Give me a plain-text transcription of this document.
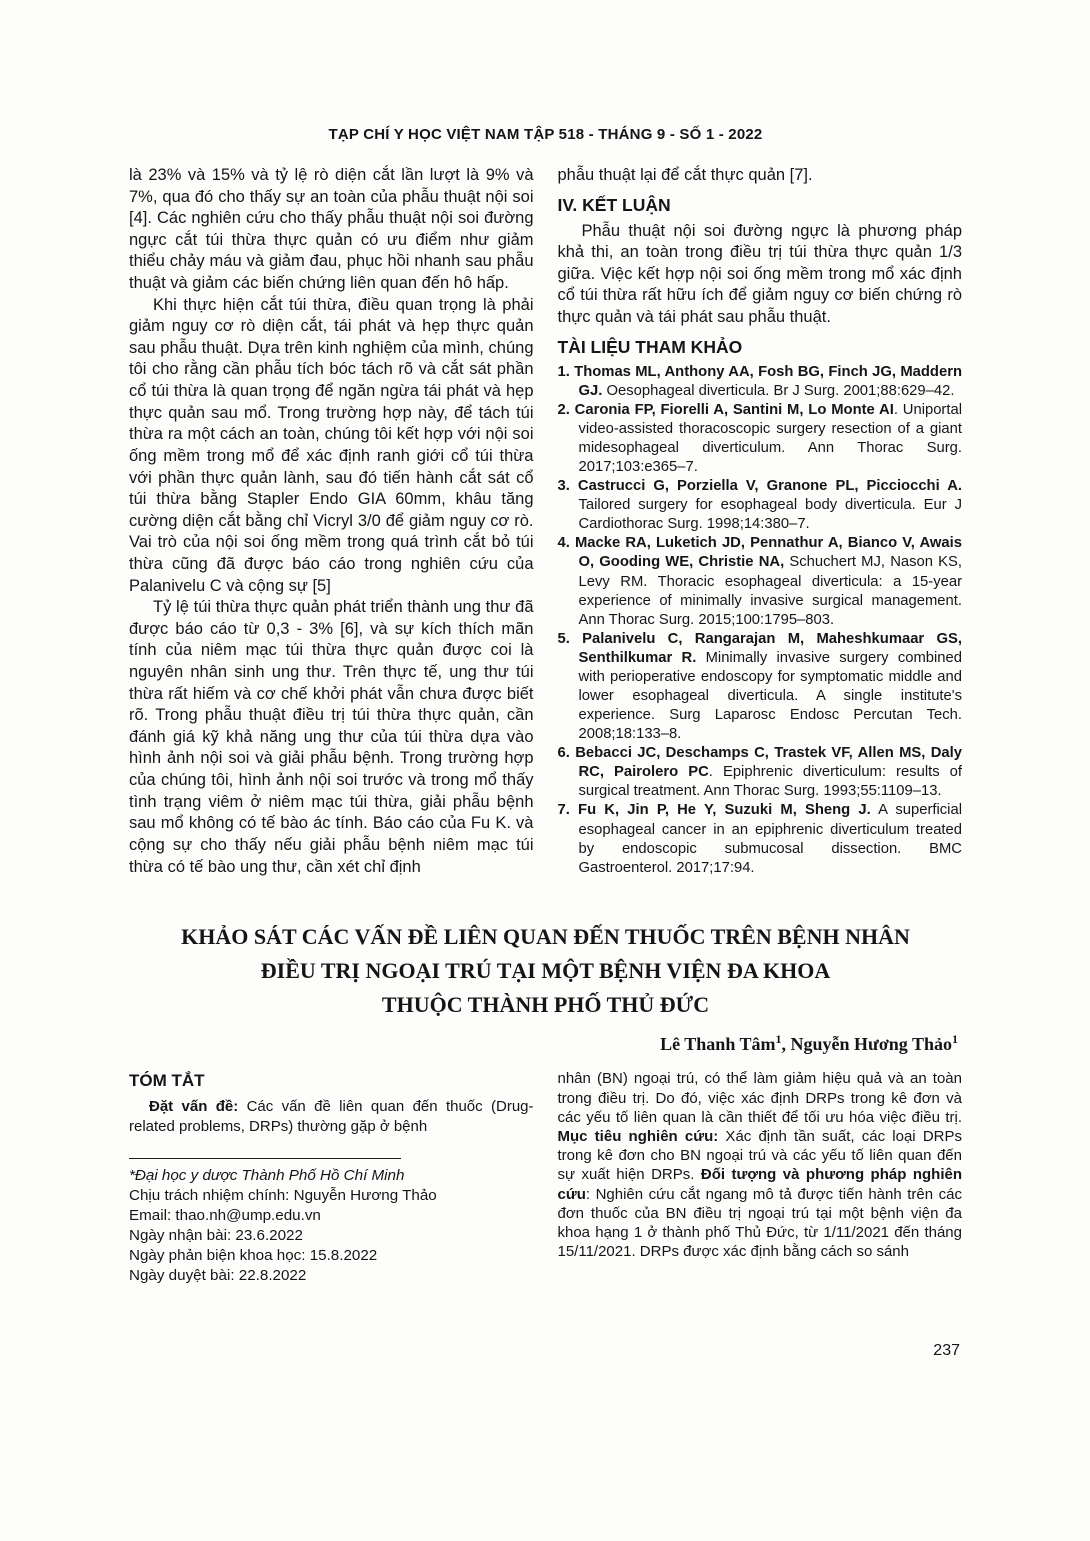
TẠP CHÍ Y HỌC VIỆT NAM TẬP 518 - THÁNG 9 - SỐ 1 - 2022

là 23% và 15% và tỷ lệ rò diện cắt lần lượt là 9% và 7%, qua đó cho thấy sự an toàn của phẫu thuật nội soi [4]. Các nghiên cứu cho thấy phẫu thuật nội soi đường ngực cắt túi thừa thực quản có ưu điểm như giảm thiểu chảy máu và giảm đau, phục hồi nhanh sau phẫu thuật và giảm các biến chứng liên quan đến hô hấp.

Khi thực hiện cắt túi thừa, điều quan trọng là phải giảm nguy cơ rò diện cắt, tái phát và hẹp thực quản sau phẫu thuật. Dựa trên kinh nghiệm của mình, chúng tôi cho rằng cần phẫu tích bóc tách rõ và cắt sát phần cổ túi thừa là quan trọng để ngăn ngừa tái phát và hẹp thực quản sau mổ. Trong trường hợp này, để tách túi thừa ra một cách an toàn, chúng tôi kết hợp với nội soi ống mềm trong mổ để xác định ranh giới cổ túi thừa với phần thực quản lành, sau đó tiến hành cắt sát cổ túi thừa bằng Stapler Endo GIA 60mm, khâu tăng cường diện cắt bằng chỉ Vicryl 3/0 để giảm nguy cơ rò. Vai trò của nội soi ống mềm trong quá trình cắt bỏ túi thừa cũng đã được báo cáo trong nghiên cứu của Palanivelu C và cộng sự [5]

Tỷ lệ túi thừa thực quản phát triển thành ung thư đã được báo cáo từ 0,3 - 3% [6], và sự kích thích mãn tính của niêm mạc túi thừa thực quản được coi là nguyên nhân sinh ung thư. Trên thực tế, ung thư túi thừa rất hiếm và cơ chế khởi phát vẫn chưa được biết rõ. Trong phẫu thuật điều trị túi thừa thực quản, cần đánh giá kỹ khả năng ung thư của túi thừa dựa vào hình ảnh nội soi và giải phẫu bệnh. Trong trường hợp của chúng tôi, hình ảnh nội soi trước và trong mổ thấy tình trạng viêm ở niêm mạc túi thừa, giải phẫu bệnh sau mổ không có tế bào ác tính. Báo cáo của Fu K. và cộng sự cho thấy nếu giải phẫu bệnh niêm mạc túi thừa có tế bào ung thư, cần xét chỉ định

phẫu thuật lại để cắt thực quản [7].

IV. KẾT LUẬN

Phẫu thuật nội soi đường ngực là phương pháp khả thi, an toàn trong điều trị túi thừa thực quản 1/3 giữa. Việc kết hợp nội soi ống mềm trong mổ xác định cổ túi thừa rất hữu ích để giảm nguy cơ biến chứng rò thực quản và tái phát sau phẫu thuật.

TÀI LIỆU THAM KHẢO
1. Thomas ML, Anthony AA, Fosh BG, Finch JG, Maddern GJ. Oesophageal diverticula. Br J Surg. 2001;88:629–42.
2. Caronia FP, Fiorelli A, Santini M, Lo Monte AI. Uniportal video-assisted thoracoscopic surgery resection of a giant midesophageal diverticulum. Ann Thorac Surg. 2017;103:e365–7.
3. Castrucci G, Porziella V, Granone PL, Picciocchi A. Tailored surgery for esophageal body diverticula. Eur J Cardiothorac Surg. 1998;14:380–7.
4. Macke RA, Luketich JD, Pennathur A, Bianco V, Awais O, Gooding WE, Christie NA, Schuchert MJ, Nason KS, Levy RM. Thoracic esophageal diverticula: a 15-year experience of minimally invasive surgical management. Ann Thorac Surg. 2015;100:1795–803.
5. Palanivelu C, Rangarajan M, Maheshkumaar GS, Senthilkumar R. Minimally invasive surgery combined with perioperative endoscopy for symptomatic middle and lower esophageal diverticula. A single institute's experience. Surg Laparosc Endosc Percutan Tech. 2008;18:133–8.
6. Bebacci JC, Deschamps C, Trastek VF, Allen MS, Daly RC, Pairolero PC. Epiphrenic diverticulum: results of surgical treatment. Ann Thorac Surg. 1993;55:1109–13.
7. Fu K, Jin P, He Y, Suzuki M, Sheng J. A superficial esophageal cancer in an epiphrenic diverticulum treated by endoscopic submucosal dissection. BMC Gastroenterol. 2017;17:94.
KHẢO SÁT CÁC VẤN ĐỀ LIÊN QUAN ĐẾN THUỐC TRÊN BỆNH NHÂN
ĐIỀU TRỊ NGOẠI TRÚ TẠI MỘT BỆNH VIỆN ĐA KHOA
THUỘC THÀNH PHỐ THỦ ĐỨC
Lê Thanh Tâm$^1$, Nguyễn Hương Thảo$^1$
TÓM TẮT

Đặt vấn đề: Các vấn đề liên quan đến thuốc (Drug-related problems, DRPs) thường gặp ở bệnh

*Đại học y dược Thành Phố Hồ Chí Minh
Chịu trách nhiệm chính: Nguyễn Hương Thảo
Email: thao.nh@ump.edu.vn
Ngày nhận bài: 23.6.2022
Ngày phản biện khoa học: 15.8.2022
Ngày duyệt bài: 22.8.2022

nhân (BN) ngoại trú, có thể làm giảm hiệu quả và an toàn trong điều trị. Do đó, việc xác định DRPs trong kê đơn và các yếu tố liên quan là cần thiết để tối ưu hóa việc điều trị. Mục tiêu nghiên cứu: Xác định tần suất, các loại DRPs trong kê đơn cho BN ngoại trú và các yếu tố liên quan đến sự xuất hiện DRPs. Đối tượng và phương pháp nghiên cứu: Nghiên cứu cắt ngang mô tả được tiến hành trên các đơn thuốc của BN điều trị ngoại trú tại một bệnh viện đa khoa hạng 1 ở thành phố Thủ Đức, từ 1/11/2021 đến tháng 15/11/2021. DRPs được xác định bằng cách so sánh

237
